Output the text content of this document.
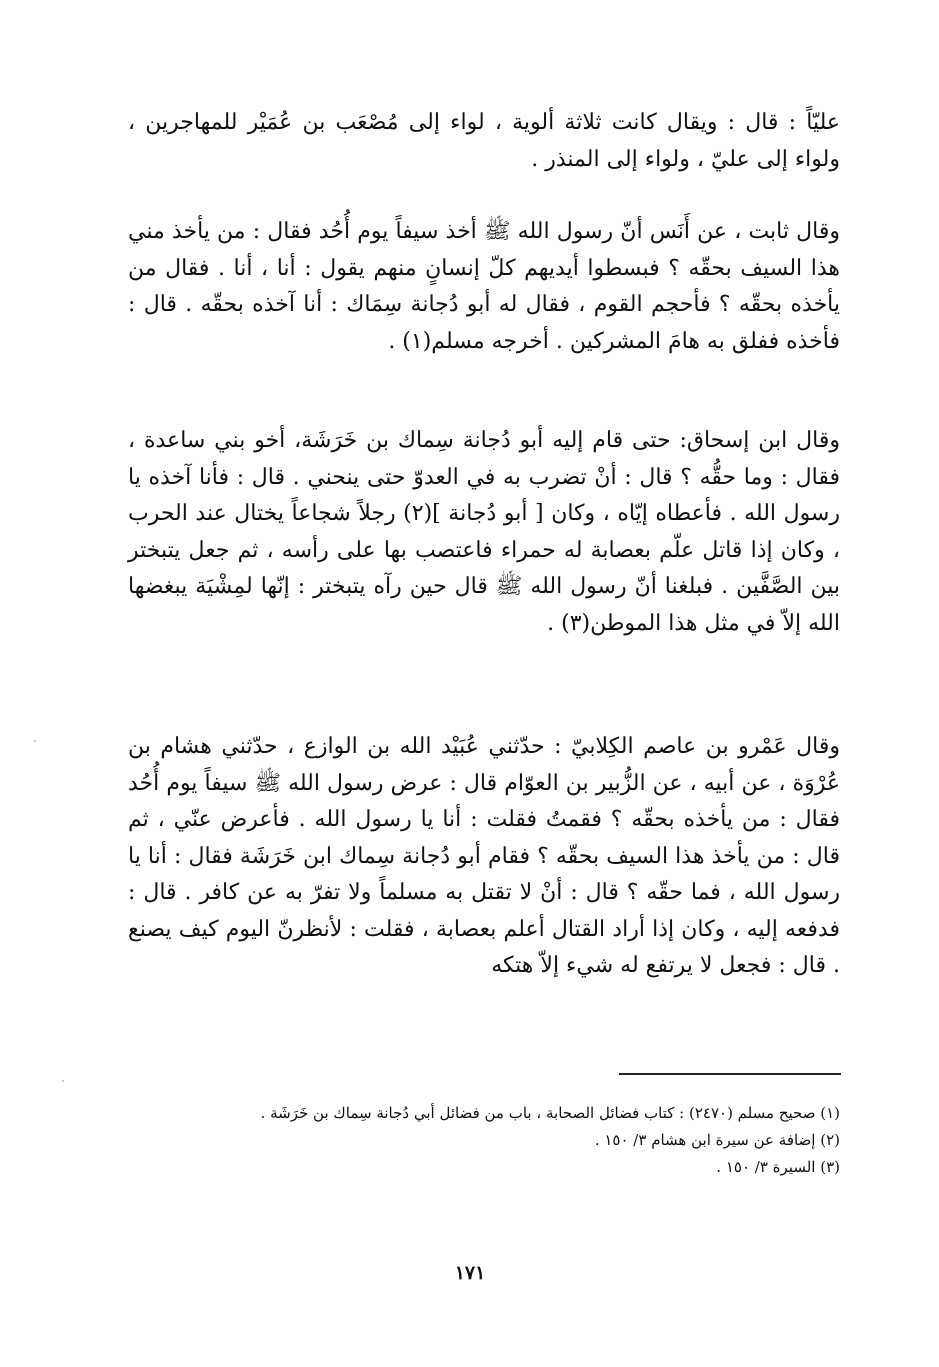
عليّاً : قال : ويقال كانت ثلاثة ألوية ، لواء إلى مُصْعَب بن عُمَيْر للمهاجرين ، ولواء إلى عليّ ، ولواء إلى المنذر .

وقال ثابت ، عن أَنَس أنّ رسول الله ﷺ أخذ سيفاً يوم أُحُد فقال : من يأخذ مني هذا السيف بحقّه ؟ فبسطوا أيديهم كلّ إنسانٍ منهم يقول : أنا ، أنا . فقال من يأخذه بحقّه ؟ فأحجم القوم ، فقال له أبو دُجانة سِمَاك : أنا آخذه بحقّه . قال : فأخذه ففلق به هامَ المشركين . أخرجه مسلم(١) .

وقال ابن إسحاق: حتى قام إليه أبو دُجانة سِماك بن خَرَشَة، أخو بني ساعدة ، فقال : وما حقُّه ؟ قال : أنْ تضرب به في العدوّ حتى ينحني . قال : فأنا آخذه يا رسول الله . فأعطاه إيّاه ، وكان [ أبو دُجانة ](٢) رجلاً شجاعاً يختال عند الحرب ، وكان إذا قاتل علّم بعصابة له حمراء فاعتصب بها على رأسه ، ثم جعل يتبختر بين الصَّفَّين . فبلغنا أنّ رسول الله ﷺ قال حين رآه يتبختر : إنّها لمِشْيَة يبغضها الله إلاّ في مثل هذا الموطن(٣) .

وقال عَمْرو بن عاصم الكِلابيّ : حدّثني عُبَيْد الله بن الوازع ، حدّثني هشام بن عُرْوَة ، عن أبيه ، عن الزُّبير بن العوّام قال : عرض رسول الله ﷺ سيفاً يوم أُحُد فقال : من يأخذه بحقّه ؟ فقمتُ فقلت : أنا يا رسول الله . فأعرض عنّي ، ثم قال : من يأخذ هذا السيف بحقّه ؟ فقام أبو دُجانة سِماك ابن خَرَشَة فقال : أنا يا رسول الله ، فما حقّه ؟ قال : أنْ لا تقتل به مسلماً ولا تفرّ به عن كافر . قال : فدفعه إليه ، وكان إذا أراد القتال أعلم بعصابة ، فقلت : لأنظرنّ اليوم كيف يصنع . قال : فجعل لا يرتفع له شيء إلاّ هتكه

(١) صحيح مسلم (٢٤٧٠) : كتاب فضائل الصحابة ، باب من فضائل أبي دُجانة سِماك بن خَرَشَة .

(٢) إضافة عن سيرة ابن هشام ٣/ ١٥٠ .

(٣) السيرة ٣/ ١٥٠ .

١٧١
